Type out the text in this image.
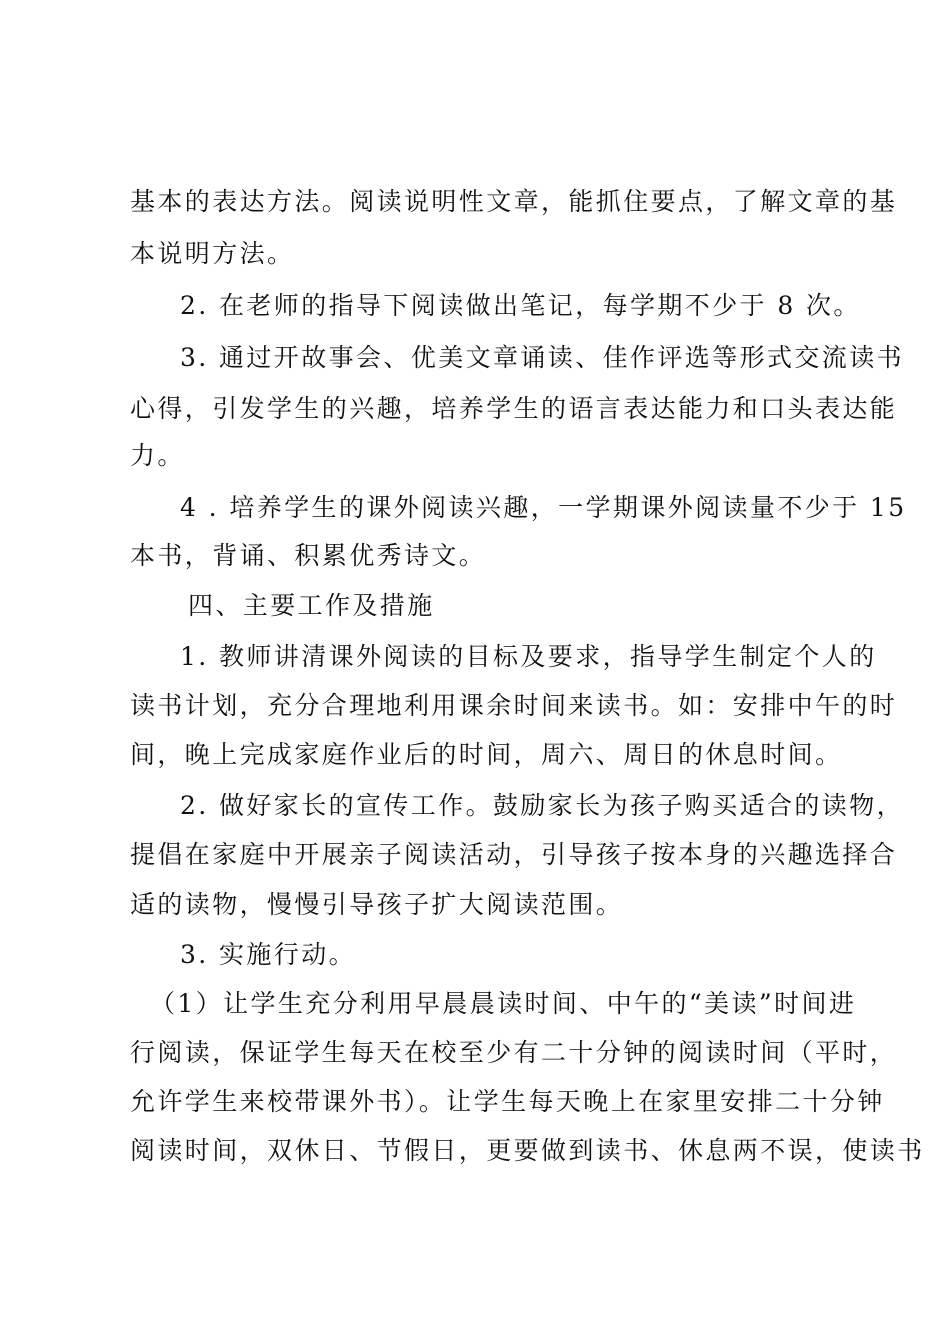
基本的表达方法。阅读说明性文章，能抓住要点，了解文章的基
本说明方法。
2. 在老师的指导下阅读做出笔记，每学期不少于 8 次。
3. 通过开故事会、优美文章诵读、佳作评选等形式交流读书
心得，引发学生的兴趣，培养学生的语言表达能力和口头表达能
力。
4 . 培养学生的课外阅读兴趣，一学期课外阅读量不少于 15
本书，背诵、积累优秀诗文。
四、主要工作及措施
1. 教师讲清课外阅读的目标及要求，指导学生制定个人的
读书计划，充分合理地利用课余时间来读书。如：安排中午的时
间，晚上完成家庭作业后的时间，周六、周日的休息时间。
2. 做好家长的宣传工作。鼓励家长为孩子购买适合的读物，
提倡在家庭中开展亲子阅读活动，引导孩子按本身的兴趣选择合
适的读物，慢慢引导孩子扩大阅读范围。
3. 实施行动。
（1）让学生充分利用早晨晨读时间、中午的“美读”时间进
行阅读，保证学生每天在校至少有二十分钟的阅读时间（平时，
允许学生来校带课外书）。让学生每天晚上在家里安排二十分钟
阅读时间，双休日、节假日，更要做到读书、休息两不误，使读书
